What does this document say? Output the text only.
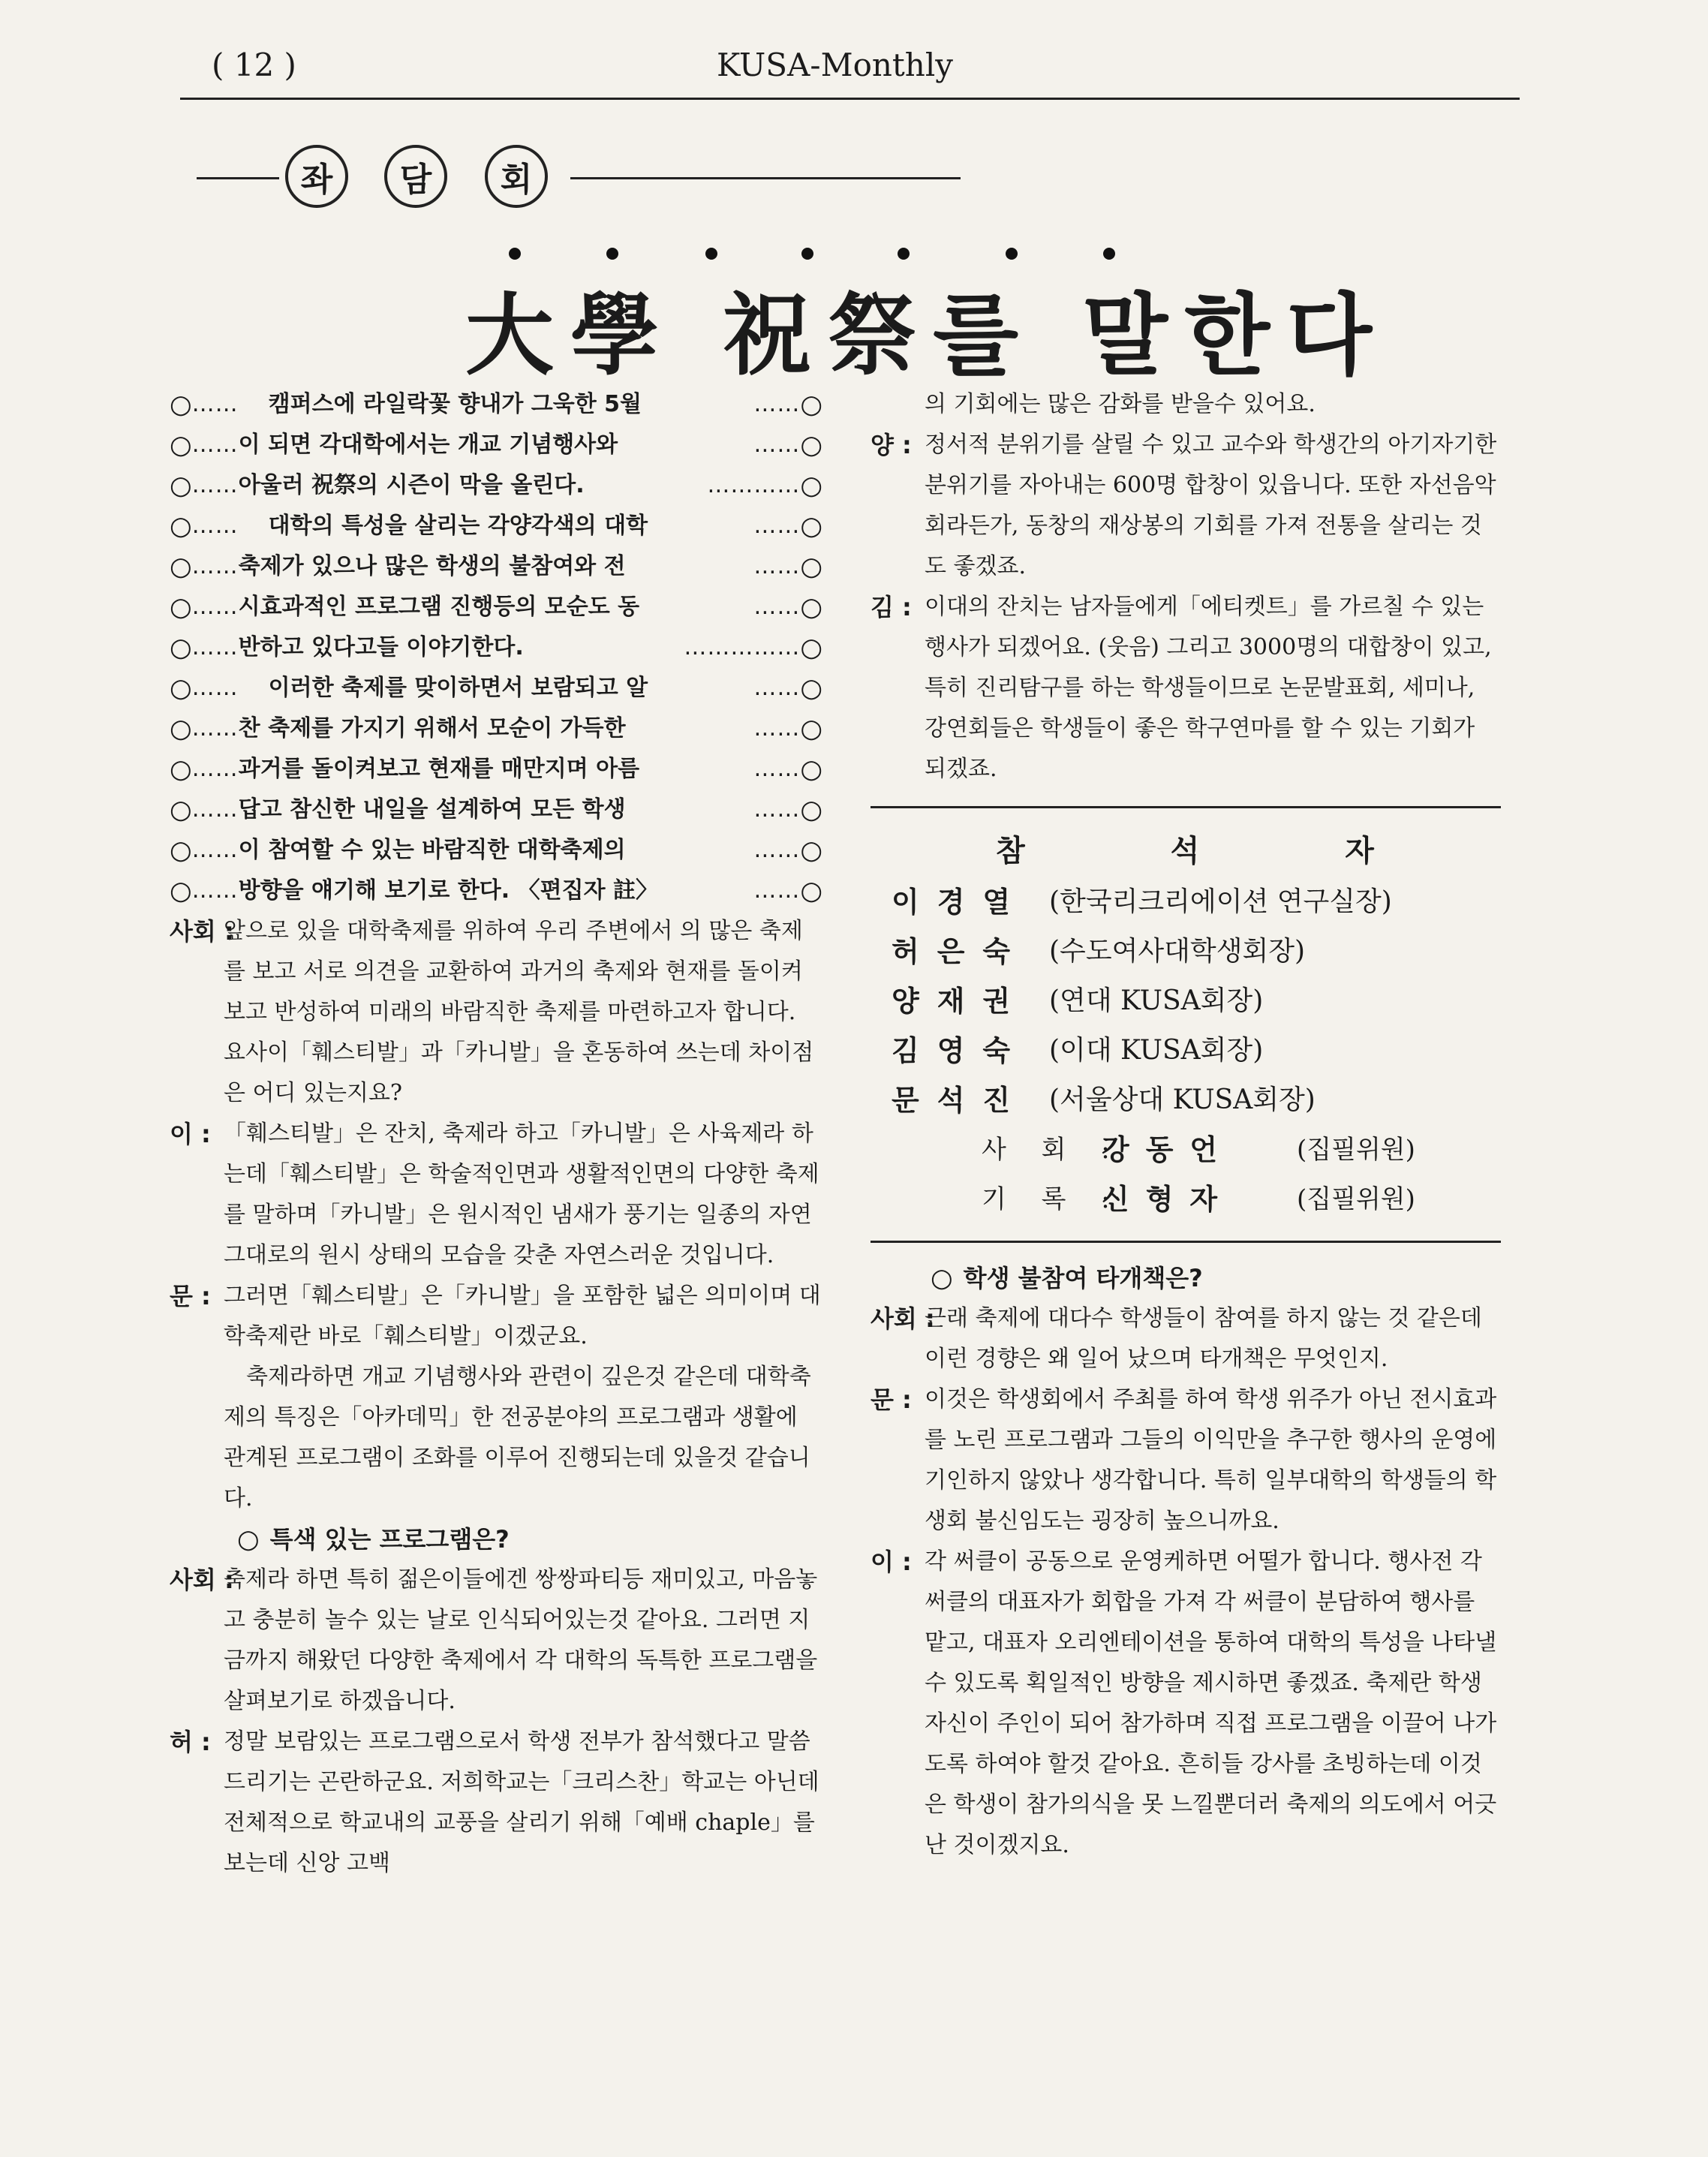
( 12 )	KUSA-Monthly
좌	담	회
大學 祝祭를 말한다
○ ……	캠퍼스에 라일락꽃 향내가 그욱한 5월	…… ○
○ …… 이 되면 각대학에서는 개교 기념행사와	…… ○
○ …… 아울러 祝祭의 시즌이 막을 올린다.	………… ○
○ ……	대학의 특성을 살리는 각양각색의 대학	…… ○
○ …… 축제가 있으나 많은 학생의 불참여와 전	…… ○
○ …… 시효과적인 프로그램 진행등의 모순도 동	…… ○
○ …… 반하고 있다고들 이야기한다.	…………… ○
○ ……	이러한 축제를 맞이하면서 보람되고 알	…… ○
○ …… 찬 축제를 가지기 위해서 모순이 가득한	…… ○
○ …… 과거를 돌이켜보고 현재를 매만지며 아름	…… ○
○ …… 답고 참신한 내일을 설계하여 모든 학생	…… ○
○ …… 이 참여할 수 있는 바람직한 대학축제의	…… ○
○ …… 방향을 얘기해 보기로 한다. 〈편집자 註〉	…… ○
사회 :
앞으로 있을 대학축제를 위하여 우리 주변에서 의 많은 축제를 보고 서로 의견을 교환하여 과거의 축제와 현재를 돌이켜보고 반성하여 미래의 바람직한 축제를 마련하고자 합니다. 요사이「훼스티발」과「카니발」을 혼동하여 쓰는데 차이점은 어디 있는지요?
이 : 「훼스티발」은 잔치, 축제라 하고「카니발」은 사육제라 하는데「훼스티발」은 학술적인면과 생활적인면의 다양한 축제를 말하며「카니발」은 원시적인 냄새가 풍기는 일종의 자연 그대로의 원시 상태의 모습을 갖춘 자연스러운 것입니다.
문 : 그러면「훼스티발」은「카니발」을 포함한 넓은 의미이며 대학축제란 바로「훼스티발」이겠군요.
축제라하면 개교 기념행사와 관련이 깊은것 같은데 대학축제의 특징은「아카데믹」한 전공분야의 프로그램과 생활에 관계된 프로그램이 조화를 이루어 진행되는데 있을것 같습니다.
○ 특색 있는 프로그램은?
사회 :
축제라 하면 특히 젊은이들에겐 쌍쌍파티등 재미있고, 마음놓고 충분히 놀수 있는 날로 인식되어있는것 같아요. 그러면 지금까지 해왔던 다양한 축제에서 각 대학의 독특한 프로그램을 살펴보기로 하겠읍니다.
허 : 정말 보람있는 프로그램으로서 학생 전부가 참석했다고 말씀드리기는 곤란하군요. 저희학교는「크리스찬」학교는 아닌데 전체적으로 학교내의 교풍을 살리기 위해「예배 chaple」를 보는데 신앙 고백
의 기회에는 많은 감화를 받을수 있어요.
양 : 정서적 분위기를 살릴 수 있고 교수와 학생간의 아기자기한 분위기를 자아내는 600명 합창이 있읍니다. 또한 자선음악회라든가, 동창의 재상봉의 기회를 가져 전통을 살리는 것도 좋겠죠.
김 : 이대의 잔치는 남자들에게「에티켓트」를 가르칠 수 있는 행사가 되겠어요. (웃음) 그리고 3000명의 대합창이 있고, 특히 진리탐구를 하는 학생들이므로 논문발표회, 세미나, 강연회들은 학생들이 좋은 학구연마를 할 수 있는 기회가 되겠죠.
참 석 자
이경열 (한국리크리에이션 연구실장)
허은숙 (수도여사대학생회장)
양재권 (연대 KUSA회장)
김영숙 (이대 KUSA회장)
문석진 (서울상대 KUSA회장)
사 회 :
강동언	(집필위원)
기 록 :
신형자	(집필위원)
○ 학생 불참여 타개책은?
사회 :
근래 축제에 대다수 학생들이 참여를 하지 않는 것 같은데 이런 경향은 왜 일어 났으며 타개책은 무엇인지.
문 : 이것은 학생회에서 주최를 하여 학생 위주가 아닌 전시효과를 노린 프로그램과 그들의 이익만을 추구한 행사의 운영에 기인하지 않았나 생각합니다. 특히 일부대학의 학생들의 학생회 불신임도는 굉장히 높으니까요.
이 : 각 써클이 공동으로 운영케하면 어떨가 합니다. 행사전 각 써클의 대표자가 회합을 가져 각 써클이 분담하여 행사를 맡고, 대표자 오리엔테이션을 통하여 대학의 특성을 나타낼 수 있도록 획일적인 방향을 제시하면 좋겠죠. 축제란 학생 자신이 주인이 되어 참가하며 직접 프로그램을 이끌어 나가도록 하여야 할것 같아요. 흔히들 강사를 초빙하는데 이것은 학생이 참가의식을 못 느낄뿐더러 축제의 의도에서 어긋난 것이겠지요.
